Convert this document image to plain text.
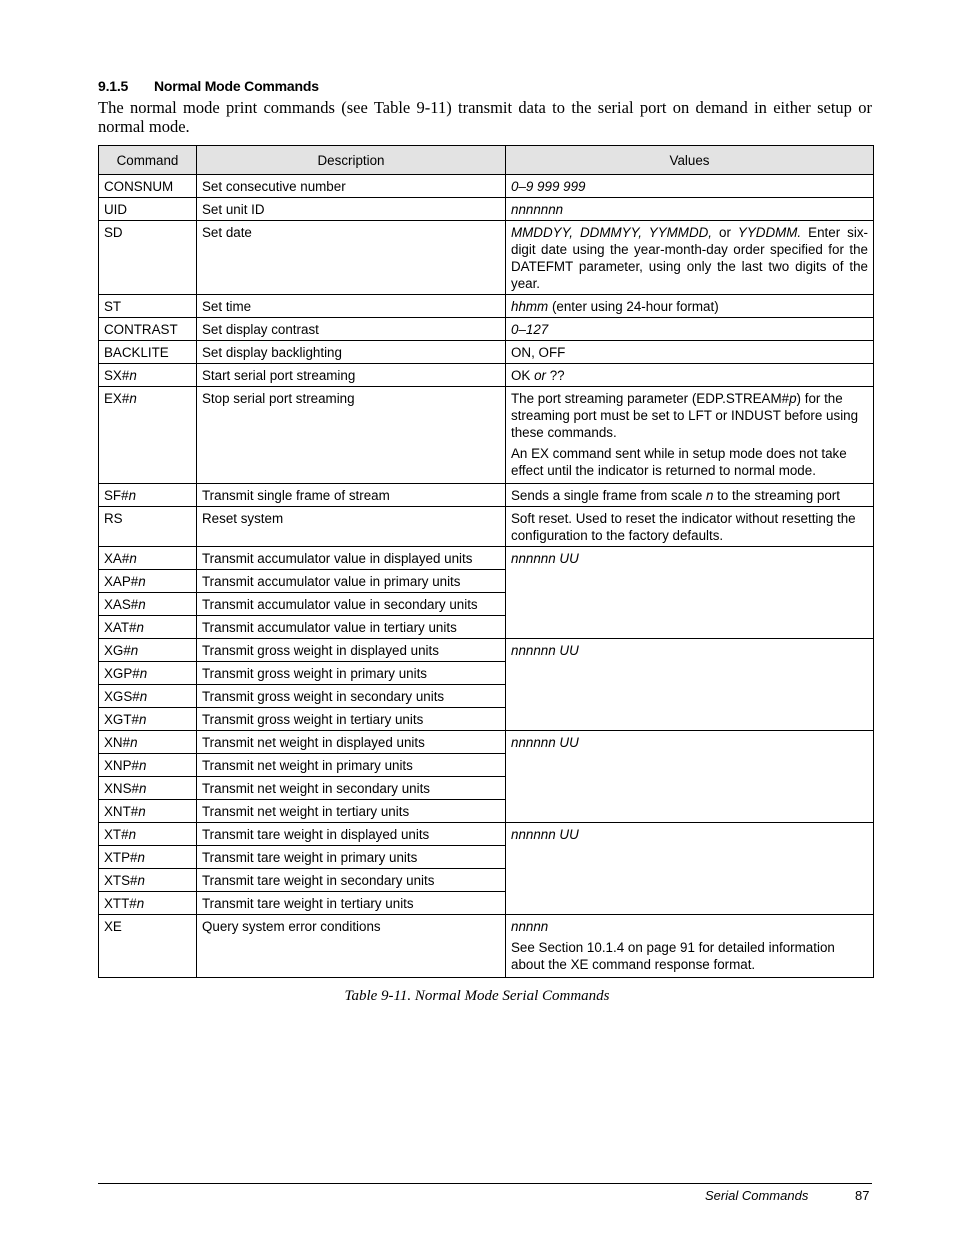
9.1.5 Normal Mode Commands
The normal mode print commands (see Table 9-11) transmit data to the serial port on demand in either setup or normal mode.
Command	Description	Values
CONSNUM	Set consecutive number	0–9 999 999
UID	Set unit ID	nnnnnnn
SD	Set date	MMDDYY, DDMMYY, YYMMDD, or YYDDMM. Enter six-digit date using the year-month-day order specified for the DATEFMT parameter, using only the last two digits of the year.
ST	Set time	hhmm (enter using 24-hour format)
CONTRAST	Set display contrast	0–127
BACKLITE	Set display backlighting	ON, OFF
SX#n	Start serial port streaming	OK or ??
EX#n	Stop serial port streaming	The port streaming parameter (EDP.STREAM#p) for the streaming port must be set to LFT or INDUST before using these commands.
An EX command sent while in setup mode does not take effect until the indicator is returned to normal mode.

SF#n	Transmit single frame of stream	Sends a single frame from scale n to the streaming port
RS	Reset system	Soft reset. Used to reset the indicator without resetting the configuration to the factory defaults.
XA#n	Transmit accumulator value in displayed units	nnnnnn UU
XAP#n	Transmit accumulator value in primary units	
XAS#n	Transmit accumulator value in secondary units	
XAT#n	Transmit accumulator value in tertiary units	
XG#n	Transmit gross weight in displayed units	nnnnnn UU
XGP#n	Transmit gross weight in primary units	
XGS#n	Transmit gross weight in secondary units	
XGT#n	Transmit gross weight in tertiary units	
XN#n	Transmit net weight in displayed units	nnnnnn UU
XNP#n	Transmit net weight in primary units	
XNS#n	Transmit net weight in secondary units	
XNT#n	Transmit net weight in tertiary units	
XT#n	Transmit tare weight in displayed units	nnnnnn UU
XTP#n	Transmit tare weight in primary units	
XTS#n	Transmit tare weight in secondary units	
XTT#n	Transmit tare weight in tertiary units	
XE	Query system error conditions	nnnnn
See Section 10.1.4 on page 91 for detailed information about the XE command response format.
Table 9-11. Normal Mode Serial Commands
Serial Commands	87
